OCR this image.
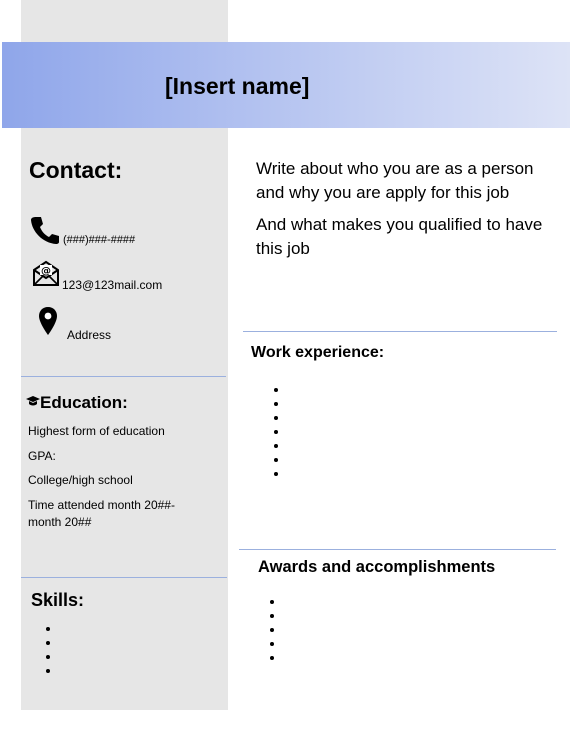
[Insert name]
Contact:
(###)###-####
@
123@123mail.com
Address
Education:
Highest form of education
GPA:
College/high school
Time attended month 20##-month 20##
Skills:
Write about who you are as a person and why you are apply for this job
And what makes you qualified to have this job
Work experience:
Awards and accomplishments
